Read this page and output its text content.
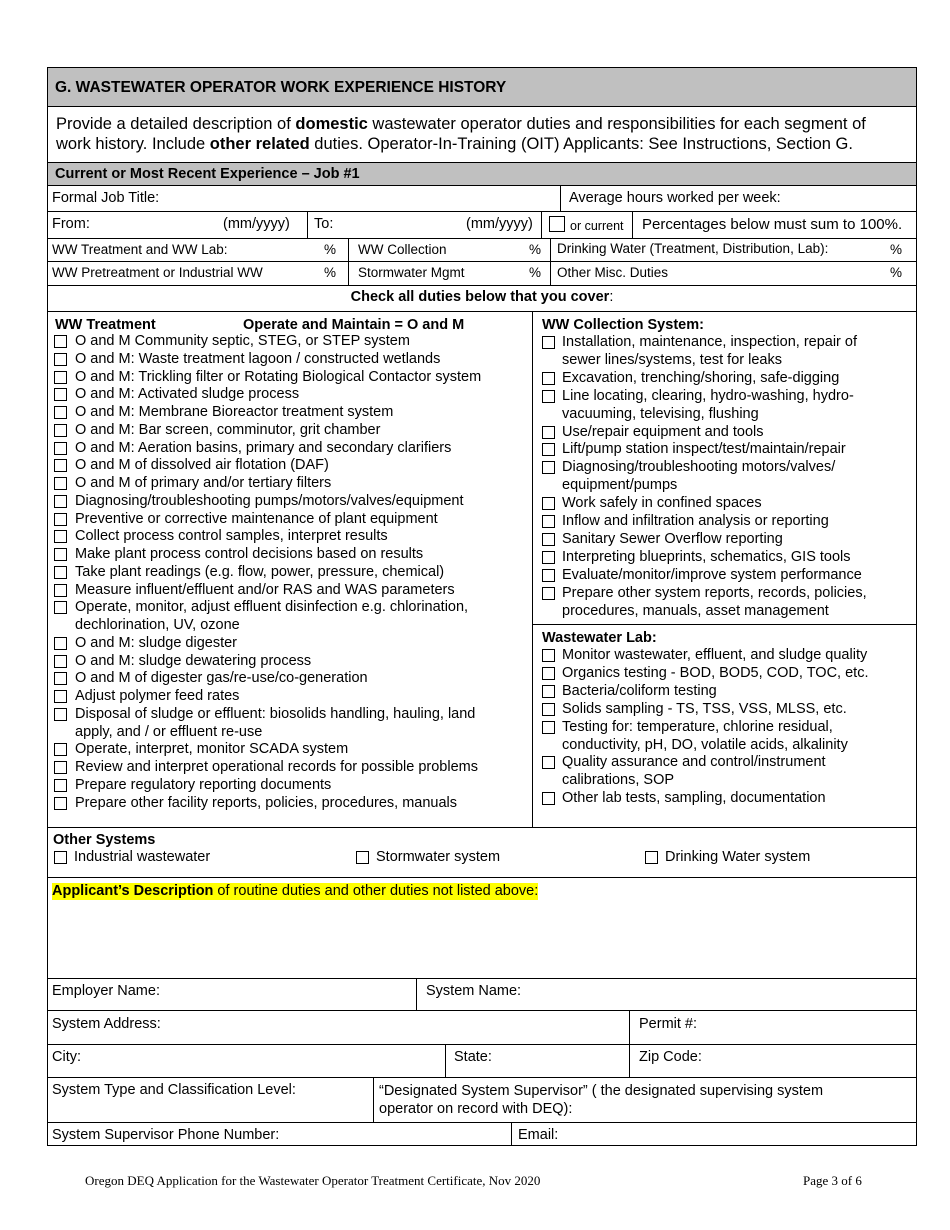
G. WASTEWATER OPERATOR WORK EXPERIENCE HISTORY
Provide a detailed description of domestic wastewater operator duties and responsibilities for each segment of
work history. Include other related duties. Operator-In-Training (OIT) Applicants: See Instructions, Section G.
Current or Most Recent Experience – Job #1
Formal Job Title:	Average hours worked per week:
From:	(mm/yyyy) To:	(mm/yyyy)	or current Percentages below must sum to 100%.
WW Treatment and WW Lab:	% WW Collection	% Drinking Water (Treatment, Distribution, Lab):	%
WW Pretreatment or Industrial WW	% Stormwater Mgmt	% Other Misc. Duties	%
Check all duties below that you cover:
WW Treatment	Operate and Maintain = O and M
O and M Community septic, STEG, or STEP system
O and M: Waste treatment lagoon / constructed wetlands
O and M: Trickling filter or Rotating Biological Contactor system
O and M: Activated sludge process
O and M: Membrane Bioreactor treatment system
O and M: Bar screen, comminutor, grit chamber
O and M: Aeration basins, primary and secondary clarifiers
O and M of dissolved air flotation (DAF)
O and M of primary and/or tertiary filters
Diagnosing/troubleshooting pumps/motors/valves/equipment
Preventive or corrective maintenance of plant equipment
Collect process control samples, interpret results
Make plant process control decisions based on results
Take plant readings (e.g. flow, power, pressure, chemical)
Measure influent/effluent and/or RAS and WAS parameters
Operate, monitor, adjust effluent disinfection e.g. chlorination,
dechlorination, UV, ozone
O and M: sludge digester
O and M: sludge dewatering process
O and M of digester gas/re-use/co-generation
Adjust polymer feed rates
Disposal of sludge or effluent: biosolids handling, hauling, land
apply, and / or effluent re-use
Operate, interpret, monitor SCADA system
Review and interpret operational records for possible problems
Prepare regulatory reporting documents
Prepare other facility reports, policies, procedures, manuals
WW Collection System:
Installation, maintenance, inspection, repair of
sewer lines/systems, test for leaks
Excavation, trenching/shoring, safe-digging
Line locating, clearing, hydro-washing, hydro-
vacuuming, televising, flushing
Use/repair equipment and tools
Lift/pump station inspect/test/maintain/repair
Diagnosing/troubleshooting motors/valves/
equipment/pumps
Work safely in confined spaces
Inflow and infiltration analysis or reporting
Sanitary Sewer Overflow reporting
Interpreting blueprints, schematics, GIS tools
Evaluate/monitor/improve system performance
Prepare other system reports, records, policies,
procedures, manuals, asset management
Wastewater Lab:
Monitor wastewater, effluent, and sludge quality
Organics testing - BOD, BOD5, COD, TOC, etc.
Bacteria/coliform testing
Solids sampling - TS, TSS, VSS, MLSS, etc.
Testing for: temperature, chlorine residual,
conductivity, pH, DO, volatile acids, alkalinity
Quality assurance and control/instrument
calibrations, SOP
Other lab tests, sampling, documentation
Other Systems
Industrial wastewater	Stormwater system	Drinking Water system
Applicant’s Description of routine duties and other duties not listed above:
Employer Name:	System Name:
System Address:	Permit #:
City:	State:	Zip Code:
System Type and Classification Level:	“Designated System Supervisor” ( the designated supervising system
operator on record with DEQ):
System Supervisor Phone Number:	Email:
Oregon DEQ Application for the Wastewater Operator Treatment Certificate, Nov 2020	Page 3 of 6
